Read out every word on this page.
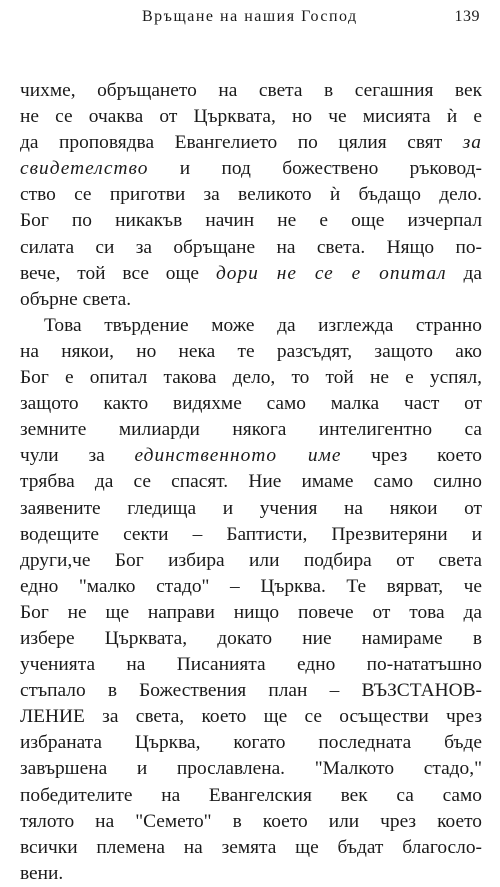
Връщане на нашия Господ	139
чихме, обръщането на света в сегашния век
не се очаква от Църквата, но че мисията ѝ е
да проповядва Евангелието по цялия свят за
свидетелство и под божествено ръковод-
ство се приготви за великото ѝ бъдащо дело.
Бог по никакъв начин не е още изчерпал
силата си за обръщане на света. Нящо по-
вече, той все още дори не се е опитал да
обърне света.
Това твърдение може да изглежда странно
на някои, но нека те разсъдят, защото ако
Бог е опитал такова дело, то той не е успял,
защото както видяхме само малка част от
земните милиарди някога интелигентно са
чули за единственното име чрез което
трябва да се спасят. Ние имаме само силно
заявените гледища и учения на някои от
водещите секти – Баптисти, Презвитеряни и
други,че Бог избира или подбира от света
едно "малко стадо" – Църква. Те вярват, че
Бог не ще направи нищо повече от това да
избере Църквата, докато ние намираме в
ученията на Писанията едно по-нататъшно
стъпало в Божествения план – ВЪЗСТАНОВ-
ЛЕНИЕ за света, което ще се осъществи чрез
избраната Църква, когато последната бъде
завършена и прославлена. "Малкото стадо,"
победителите на Евангелския век са само
тялото на "Семето" в което или чрез което
всички племена на земята ще бъдат благосло-
вени.
